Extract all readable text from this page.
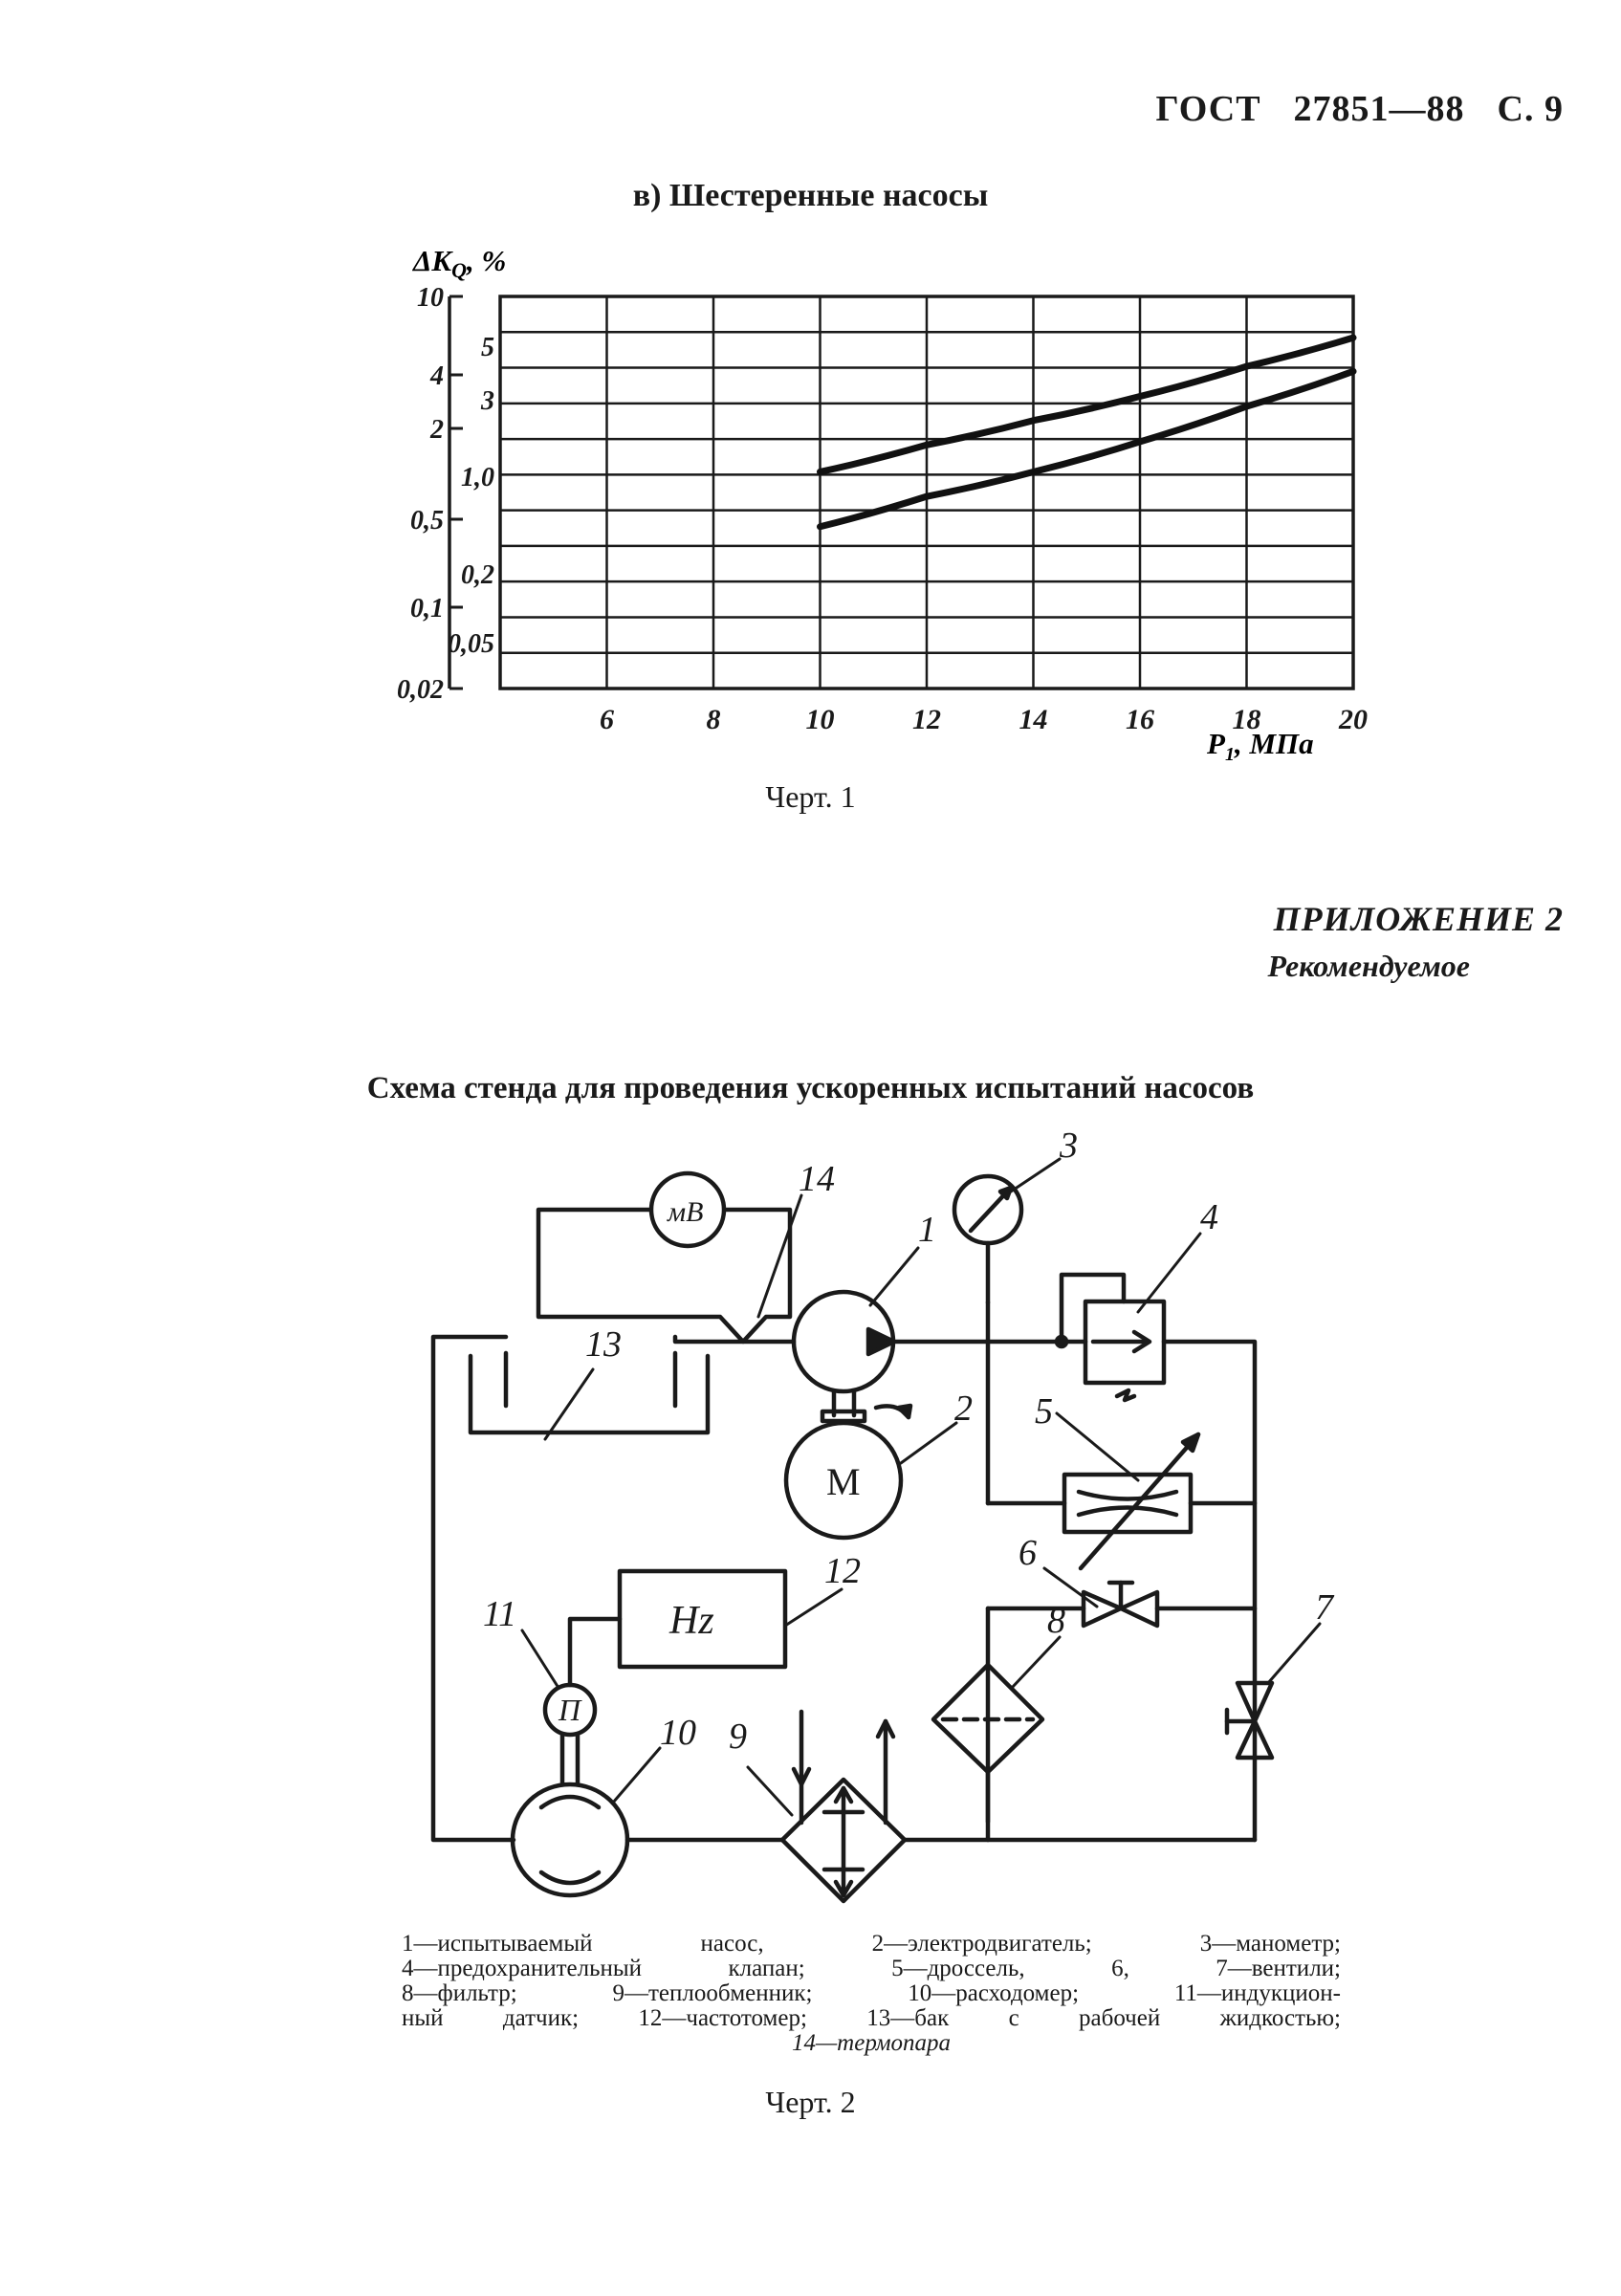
ГОСТ 27851—88 С. 9
в) Шестеренные насосы
10
4
2
0,5
0,1
0,02
5
3
1,0
0,2
0,05
6	8	10	12	14	16	18	20
$\Delta K_Q$, %
$P_1$, МПа
Черт. 1
ПРИЛОЖЕНИЕ 2
Рекомендуемое
Схема стенда для проведения ускоренных испытаний насосов
14
1
3
4
13
2 5
6
7
8
11
12
10 9
мВ
Hz
М
П
1—испытываемый насос, 2—электродвигатель; 3—манометр;
4—предохранительный клапан; 5—дроссель, 6, 7—вентили;
8—фильтр; 9—теплообменник; 10—расходомер; 11—индукцион-
ный датчик; 12—частотомер; 13—бак с рабочей жидкостью;
14—термопара
Черт. 2
